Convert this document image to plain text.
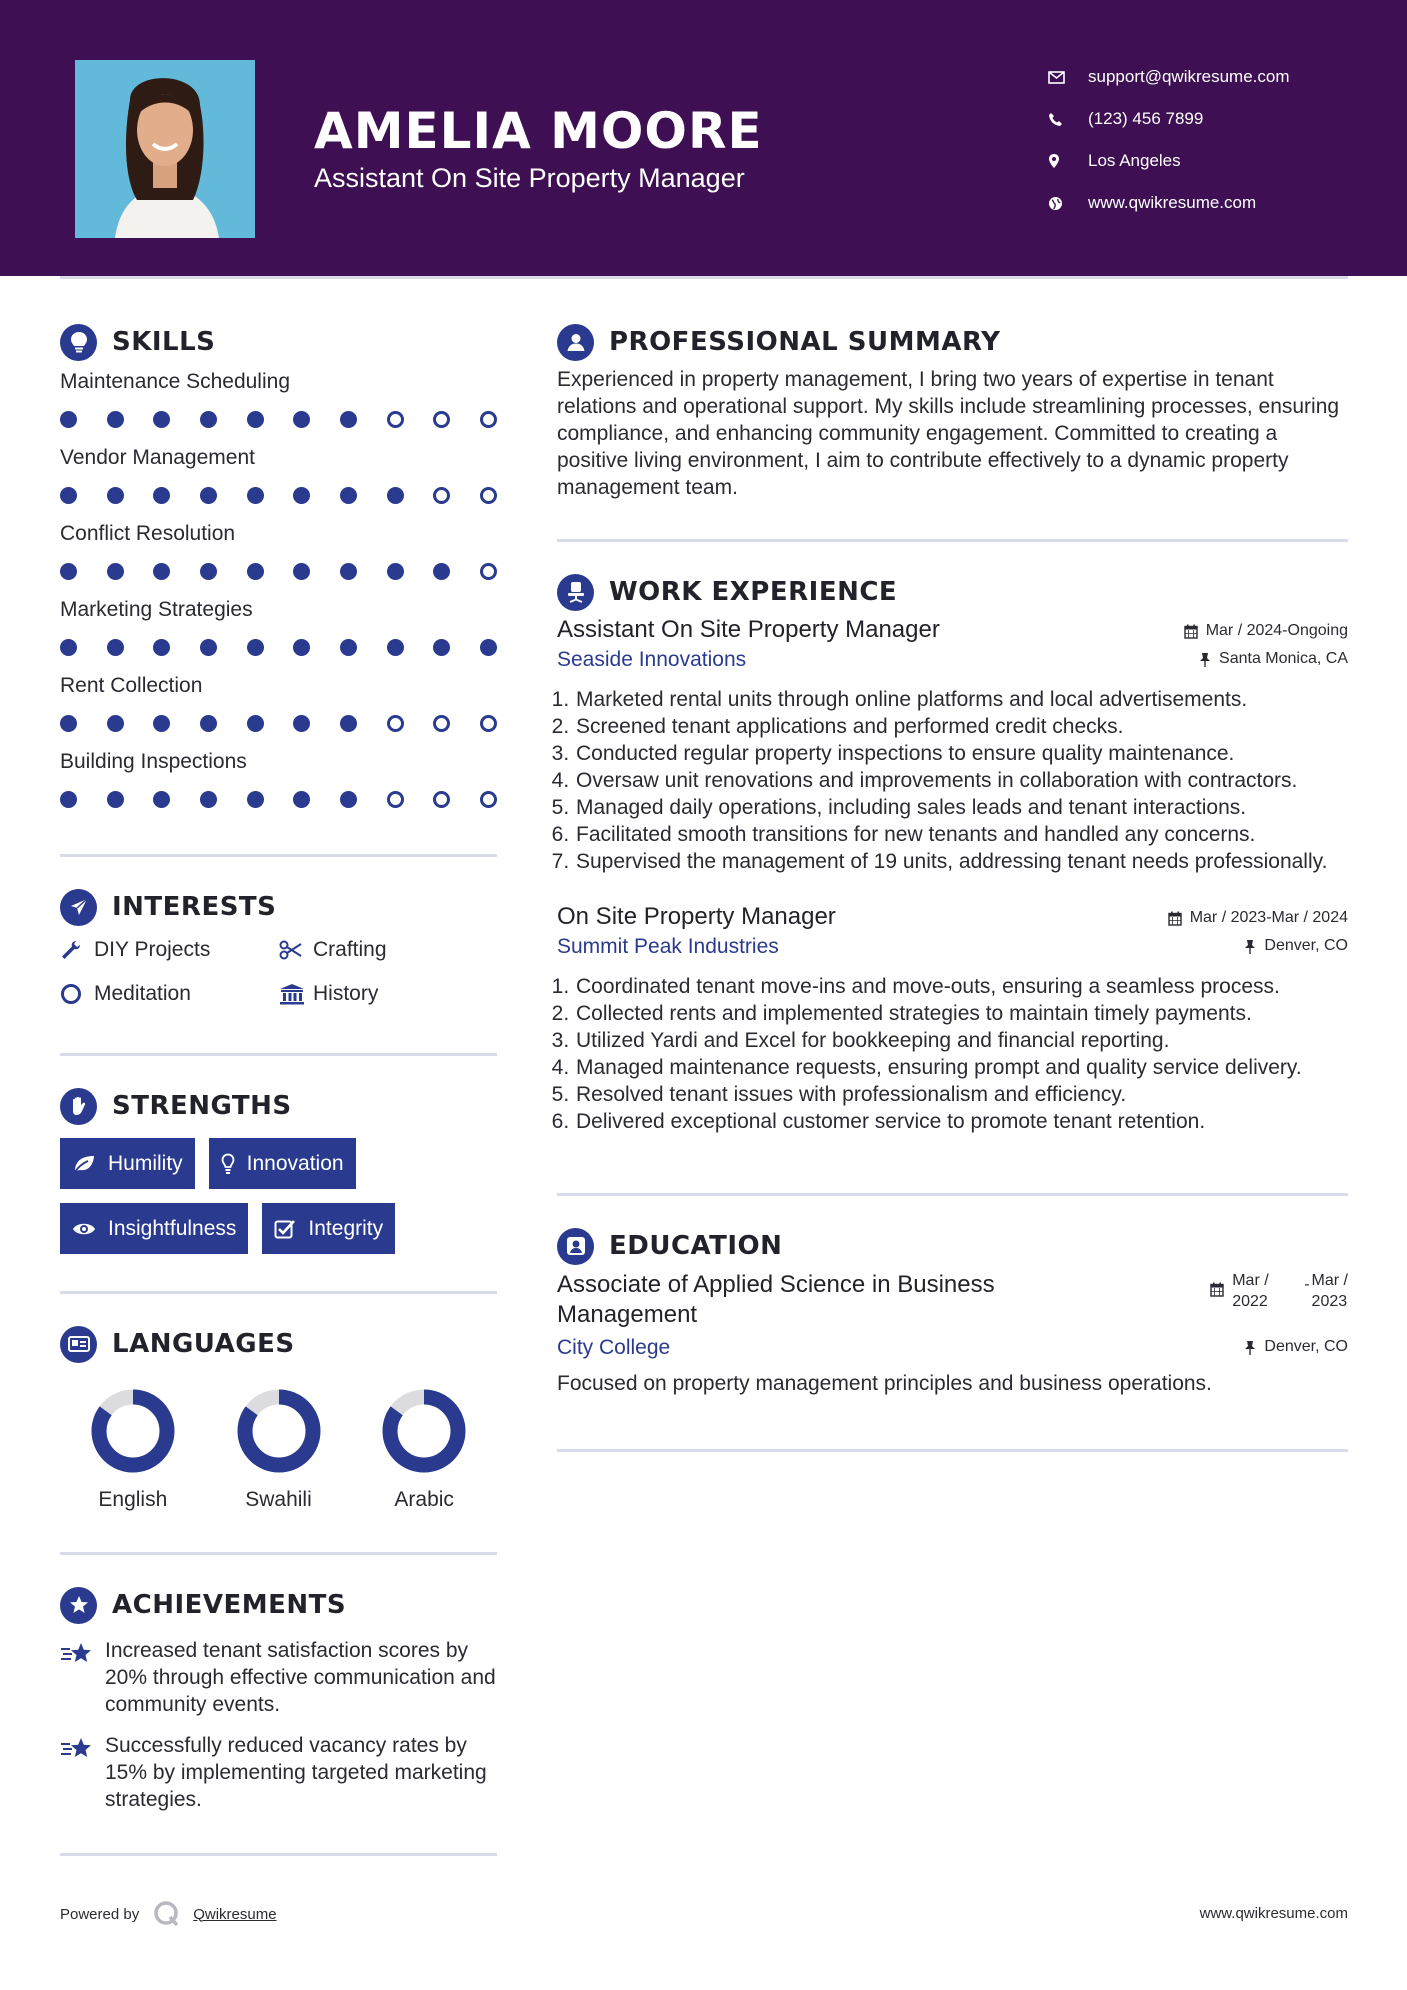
AMELIA MOORE
Assistant On Site Property Manager
support@qwikresume.com
(123) 456 7899
Los Angeles
www.qwikresume.com
SKILLS
Maintenance Scheduling
Vendor Management
Conflict Resolution
Marketing Strategies
Rent Collection
Building Inspections
INTERESTS
DIY Projects	Crafting
Meditation	History
STRENGTHS
Humility	Innovation
Insightfulness	Integrity
LANGUAGES
English	Swahili	Arabic
ACHIEVEMENTS
Increased tenant satisfaction scores by 20% through effective communication and community events.
Successfully reduced vacancy rates by 15% by implementing targeted marketing strategies.
PROFESSIONAL SUMMARY
Experienced in property management, I bring two years of expertise in tenant relations and operational support. My skills include streamlining processes, ensuring compliance, and enhancing community engagement. Committed to creating a positive living environment, I aim to contribute effectively to a dynamic property management team.
WORK EXPERIENCE
Assistant On Site Property Manager	Mar / 2024-Ongoing
Seaside Innovations	Santa Monica, CA
1. Marketed rental units through online platforms and local advertisements.
2. Screened tenant applications and performed credit checks.
3. Conducted regular property inspections to ensure quality maintenance.
4. Oversaw unit renovations and improvements in collaboration with contractors.
5. Managed daily operations, including sales leads and tenant interactions.
6. Facilitated smooth transitions for new tenants and handled any concerns.
7. Supervised the management of 19 units, addressing tenant needs professionally.
On Site Property Manager	Mar / 2023-Mar / 2024
Summit Peak Industries	Denver, CO
1. Coordinated tenant move-ins and move-outs, ensuring a seamless process.
2. Collected rents and implemented strategies to maintain timely payments.
3. Utilized Yardi and Excel for bookkeeping and financial reporting.
4. Managed maintenance requests, ensuring prompt and quality service delivery.
5. Resolved tenant issues with professionalism and efficiency.
6. Delivered exceptional customer service to promote tenant retention.
EDUCATION
Associate of Applied Science in Business Management
Mar /
2022
- Mar /
2023
City College	Denver, CO
Focused on property management principles and business operations.
Powered by	Qwikresume	www.qwikresume.com
